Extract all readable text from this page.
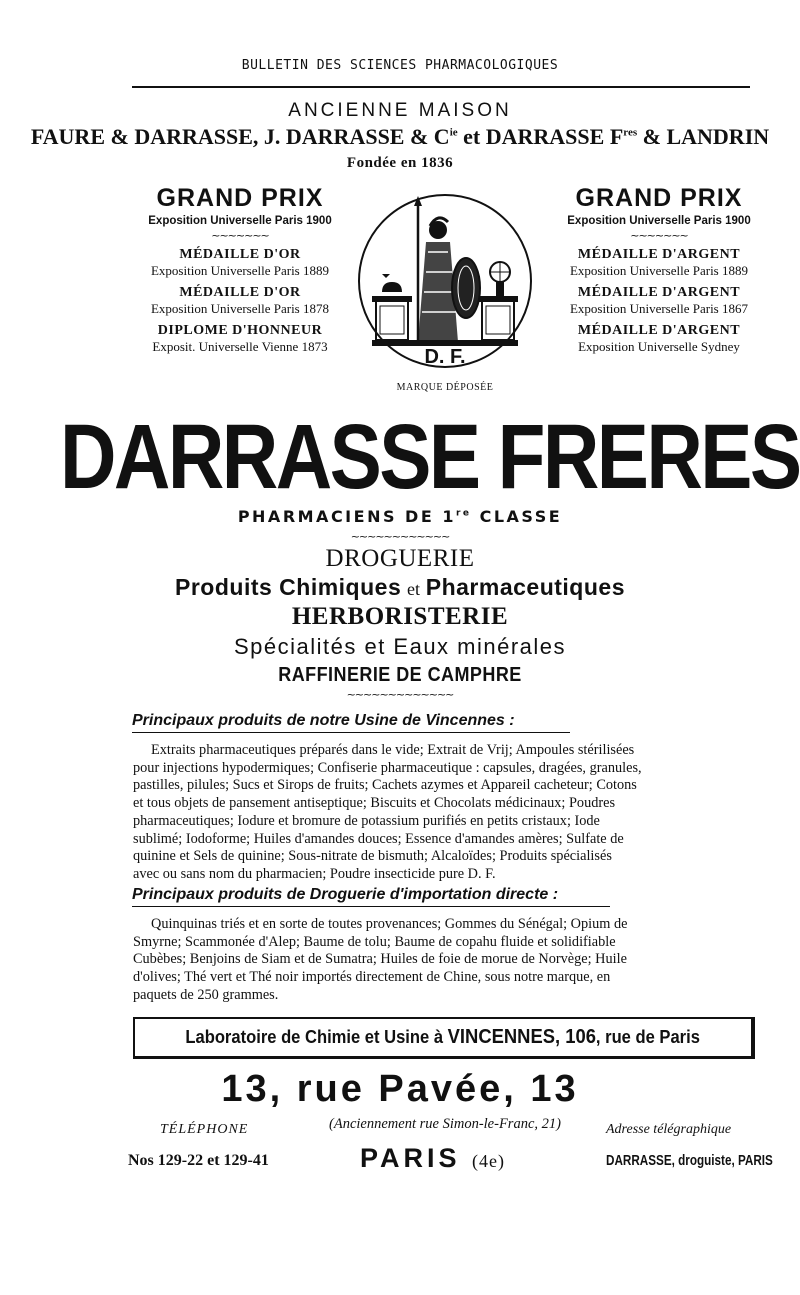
BULLETIN DES SCIENCES PHARMACOLOGIQUES
ANCIENNE MAISON
FAURE & DARRASSE, J. DARRASSE & $C^{ie}$ et DARRASSE $F^{res}$ & LANDRIN
Fondée en 1836
GRAND PRIX
Exposition Universelle Paris 1900
~~~~~~~
MÉDAILLE D'OR
Exposition Universelle Paris 1889
MÉDAILLE D'OR
Exposition Universelle Paris 1878
DIPLOME D'HONNEUR
Exposit. Universelle Vienne 1873	D. F.
MARQUE DÉPOSÉE
GRAND PRIX
Exposition Universelle Paris 1900
~~~~~~~
MÉDAILLE D'ARGENT
Exposition Universelle Paris 1889
MÉDAILLE D'ARGENT
Exposition Universelle Paris 1867
MÉDAILLE D'ARGENT
Exposition Universelle Sydney
DARRASSE FRERES
PHARMACIENS DE 1re CLASSE
~~~~~~~~~~~~
DROGUERIE
Produits Chimiques et Pharmaceutiques
HERBORISTERIE
Spécialités et Eaux minérales
RAFFINERIE DE CAMPHRE
~~~~~~~~~~~~~
Principaux produits de notre Usine de Vincennes :
Extraits pharmaceutiques préparés dans le vide; Extrait de Vrij; Ampoules stérilisées
pour injections hypodermiques; Confiserie pharmaceutique : capsules, dragées, granules,
pastilles, pilules; Sucs et Sirops de fruits; Cachets azymes et Appareil cacheteur; Cotons
et tous objets de pansement antiseptique; Biscuits et Chocolats médicinaux; Poudres
pharmaceutiques; Iodure et bromure de potassium purifiés en petits cristaux; Iode
sublimé; Iodoforme; Huiles d'amandes douces; Essence d'amandes amères; Sulfate de
quinine et Sels de quinine; Sous-nitrate de bismuth; Alcaloïdes; Produits spécialisés
avec ou sans nom du pharmacien; Poudre insecticide pure D. F.
Principaux produits de Droguerie d'importation directe :
Quinquinas triés et en sorte de toutes provenances; Gommes du Sénégal; Opium de
Smyrne; Scammonée d'Alep; Baume de tolu; Baume de copahu fluide et solidifiable
Cubèbes; Benjoins de Siam et de Sumatra; Huiles de foie de morue de Norvège; Huile
d'olives; Thé vert et Thé noir importés directement de Chine, sous notre marque, en
paquets de 250 grammes.
Laboratoire de Chimie et Usine à VINCENNES, 106, rue de Paris
13, rue Pavée, 13
TÉLÉPHONE	(Anciennement rue Simon-le-Franc, 21)	Adresse télégraphique
Nos 129-22 et 129-41	PARIS (4e)	DARRASSE, droguiste, PARIS
